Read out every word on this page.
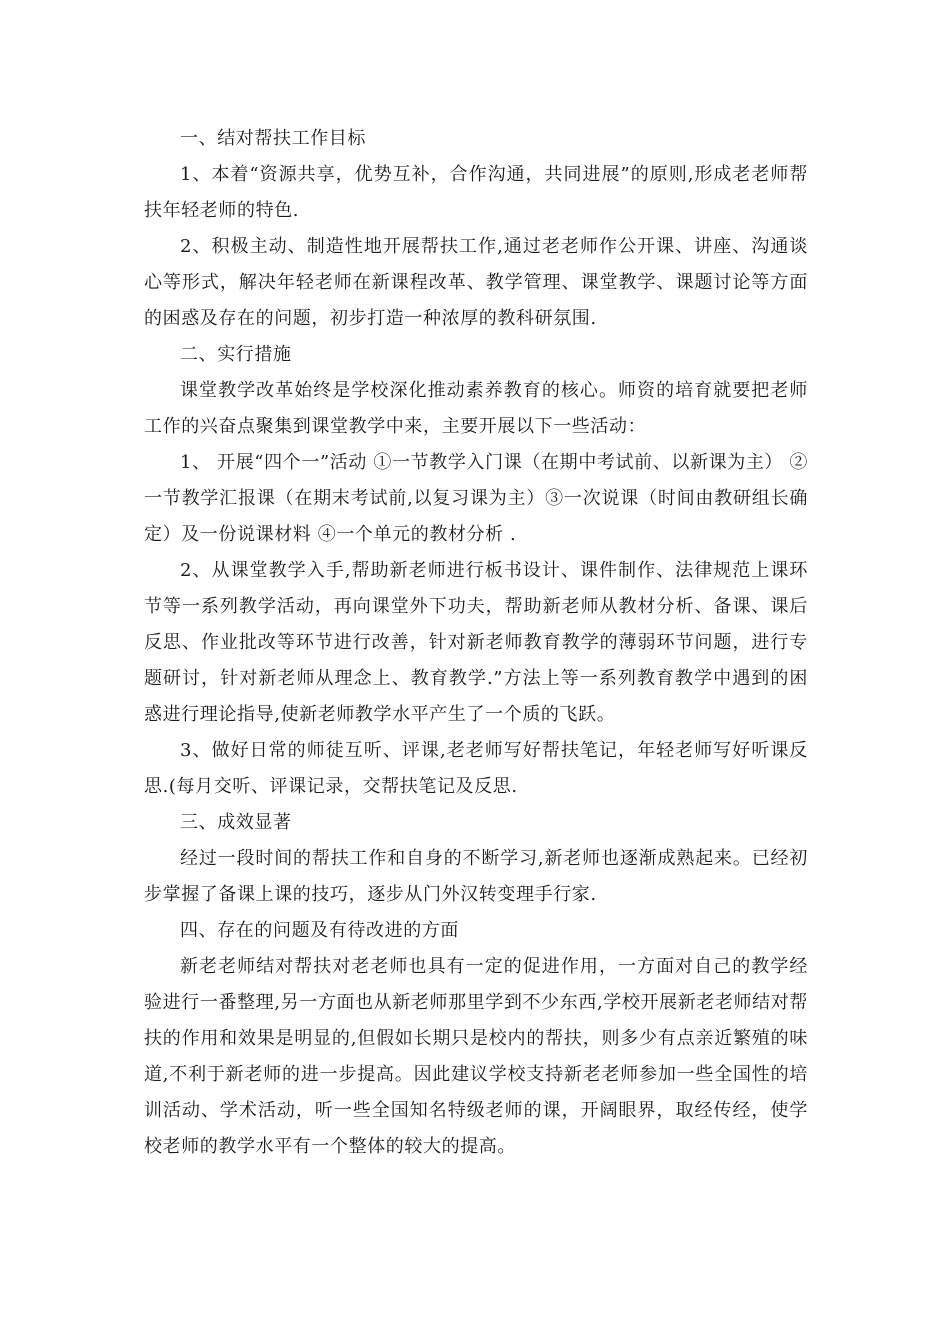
一、结对帮扶工作目标

1、本着“资源共享，优势互补，合作沟通，共同进展”的原则,形成老老师帮扶年轻老师的特色.

2、积极主动、制造性地开展帮扶工作,通过老老师作公开课、讲座、沟通谈心等形式，解决年轻老师在新课程改革、教学管理、课堂教学、课题讨论等方面的困惑及存在的问题，初步打造一种浓厚的教科研氛围.

二、实行措施

课堂教学改革始终是学校深化推动素养教育的核心。师资的培育就要把老师工作的兴奋点聚集到课堂教学中来，主要开展以下一些活动：

1、 开展“四个一”活动 ①一节教学入门课（在期中考试前、以新课为主） ②一节教学汇报课（在期末考试前,以复习课为主）③一次说课（时间由教研组长确定）及一份说课材料 ④一个单元的教材分析 .

2、从课堂教学入手,帮助新老师进行板书设计、课件制作、法律规范上课环节等一系列教学活动，再向课堂外下功夫，帮助新老师从教材分析、备课、课后反思、作业批改等环节进行改善，针对新老师教育教学的薄弱环节问题，进行专题研讨，针对新老师从理念上、教育教学.”方法上等一系列教育教学中遇到的困惑进行理论指导,使新老师教学水平产生了一个质的飞跃。

3、做好日常的师徒互听、评课,老老师写好帮扶笔记，年轻老师写好听课反思.(每月交听、评课记录，交帮扶笔记及反思.

三、成效显著

经过一段时间的帮扶工作和自身的不断学习,新老师也逐渐成熟起来。已经初步掌握了备课上课的技巧，逐步从门外汉转变理手行家.

四、存在的问题及有待改进的方面

新老老师结对帮扶对老老师也具有一定的促进作用，一方面对自己的教学经验进行一番整理,另一方面也从新老师那里学到不少东西,学校开展新老老师结对帮扶的作用和效果是明显的,但假如长期只是校内的帮扶，则多少有点亲近繁殖的味道,不利于新老师的进一步提高。因此建议学校支持新老老师参加一些全国性的培训活动、学术活动，听一些全国知名特级老师的课，开阔眼界，取经传经，使学校老师的教学水平有一个整体的较大的提高。
